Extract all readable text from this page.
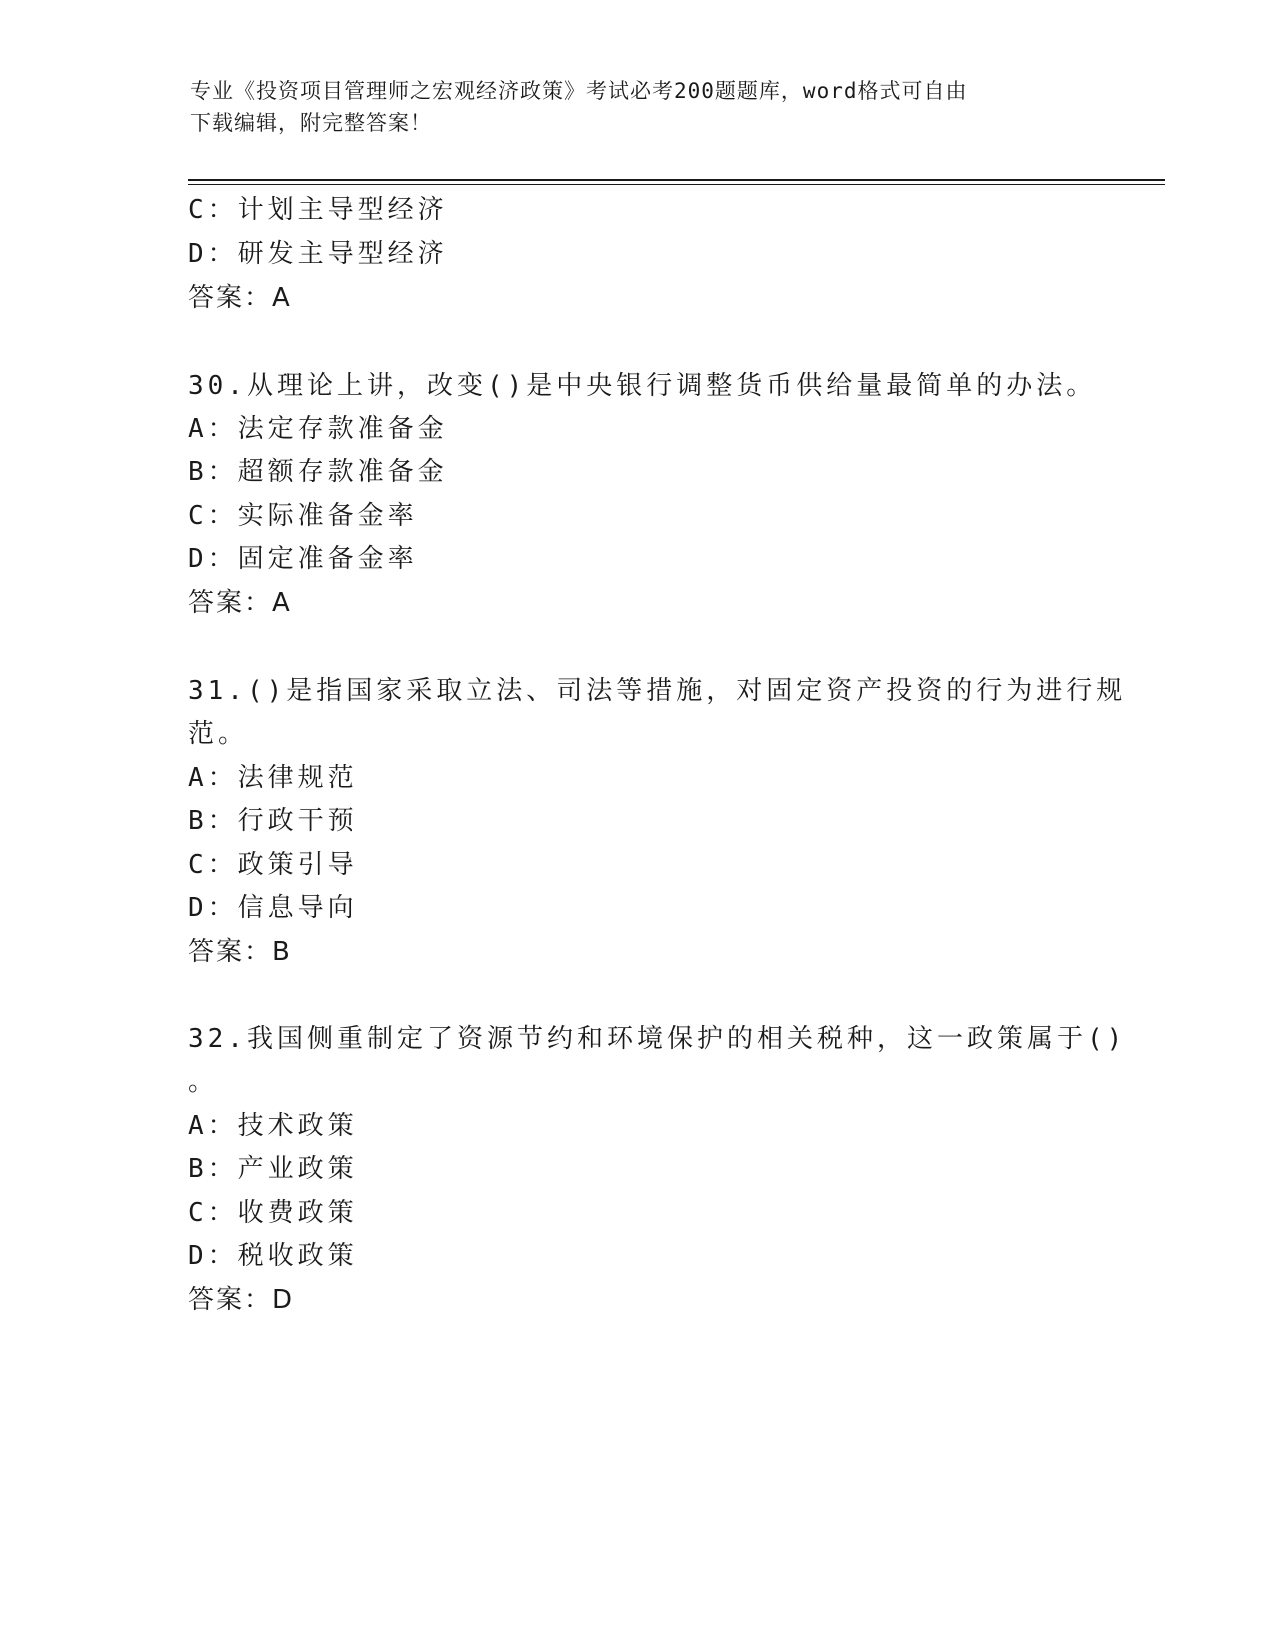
专业《投资项目管理师之宏观经济政策》考试必考200题题库，word格式可自由
下载编辑，附完整答案！
C：计划主导型经济
D：研发主导型经济
答案：A
30.从理论上讲，改变()是中央银行调整货币供给量最简单的办法。
A：法定存款准备金
B：超额存款准备金
C：实际准备金率
D：固定准备金率
答案：A
31.()是指国家采取立法、司法等措施，对固定资产投资的行为进行规
范。
A：法律规范
B：行政干预
C：政策引导
D：信息导向
答案：B
32.我国侧重制定了资源节约和环境保护的相关税种，这一政策属于()
。
A：技术政策
B：产业政策
C：收费政策
D：税收政策
答案：D
